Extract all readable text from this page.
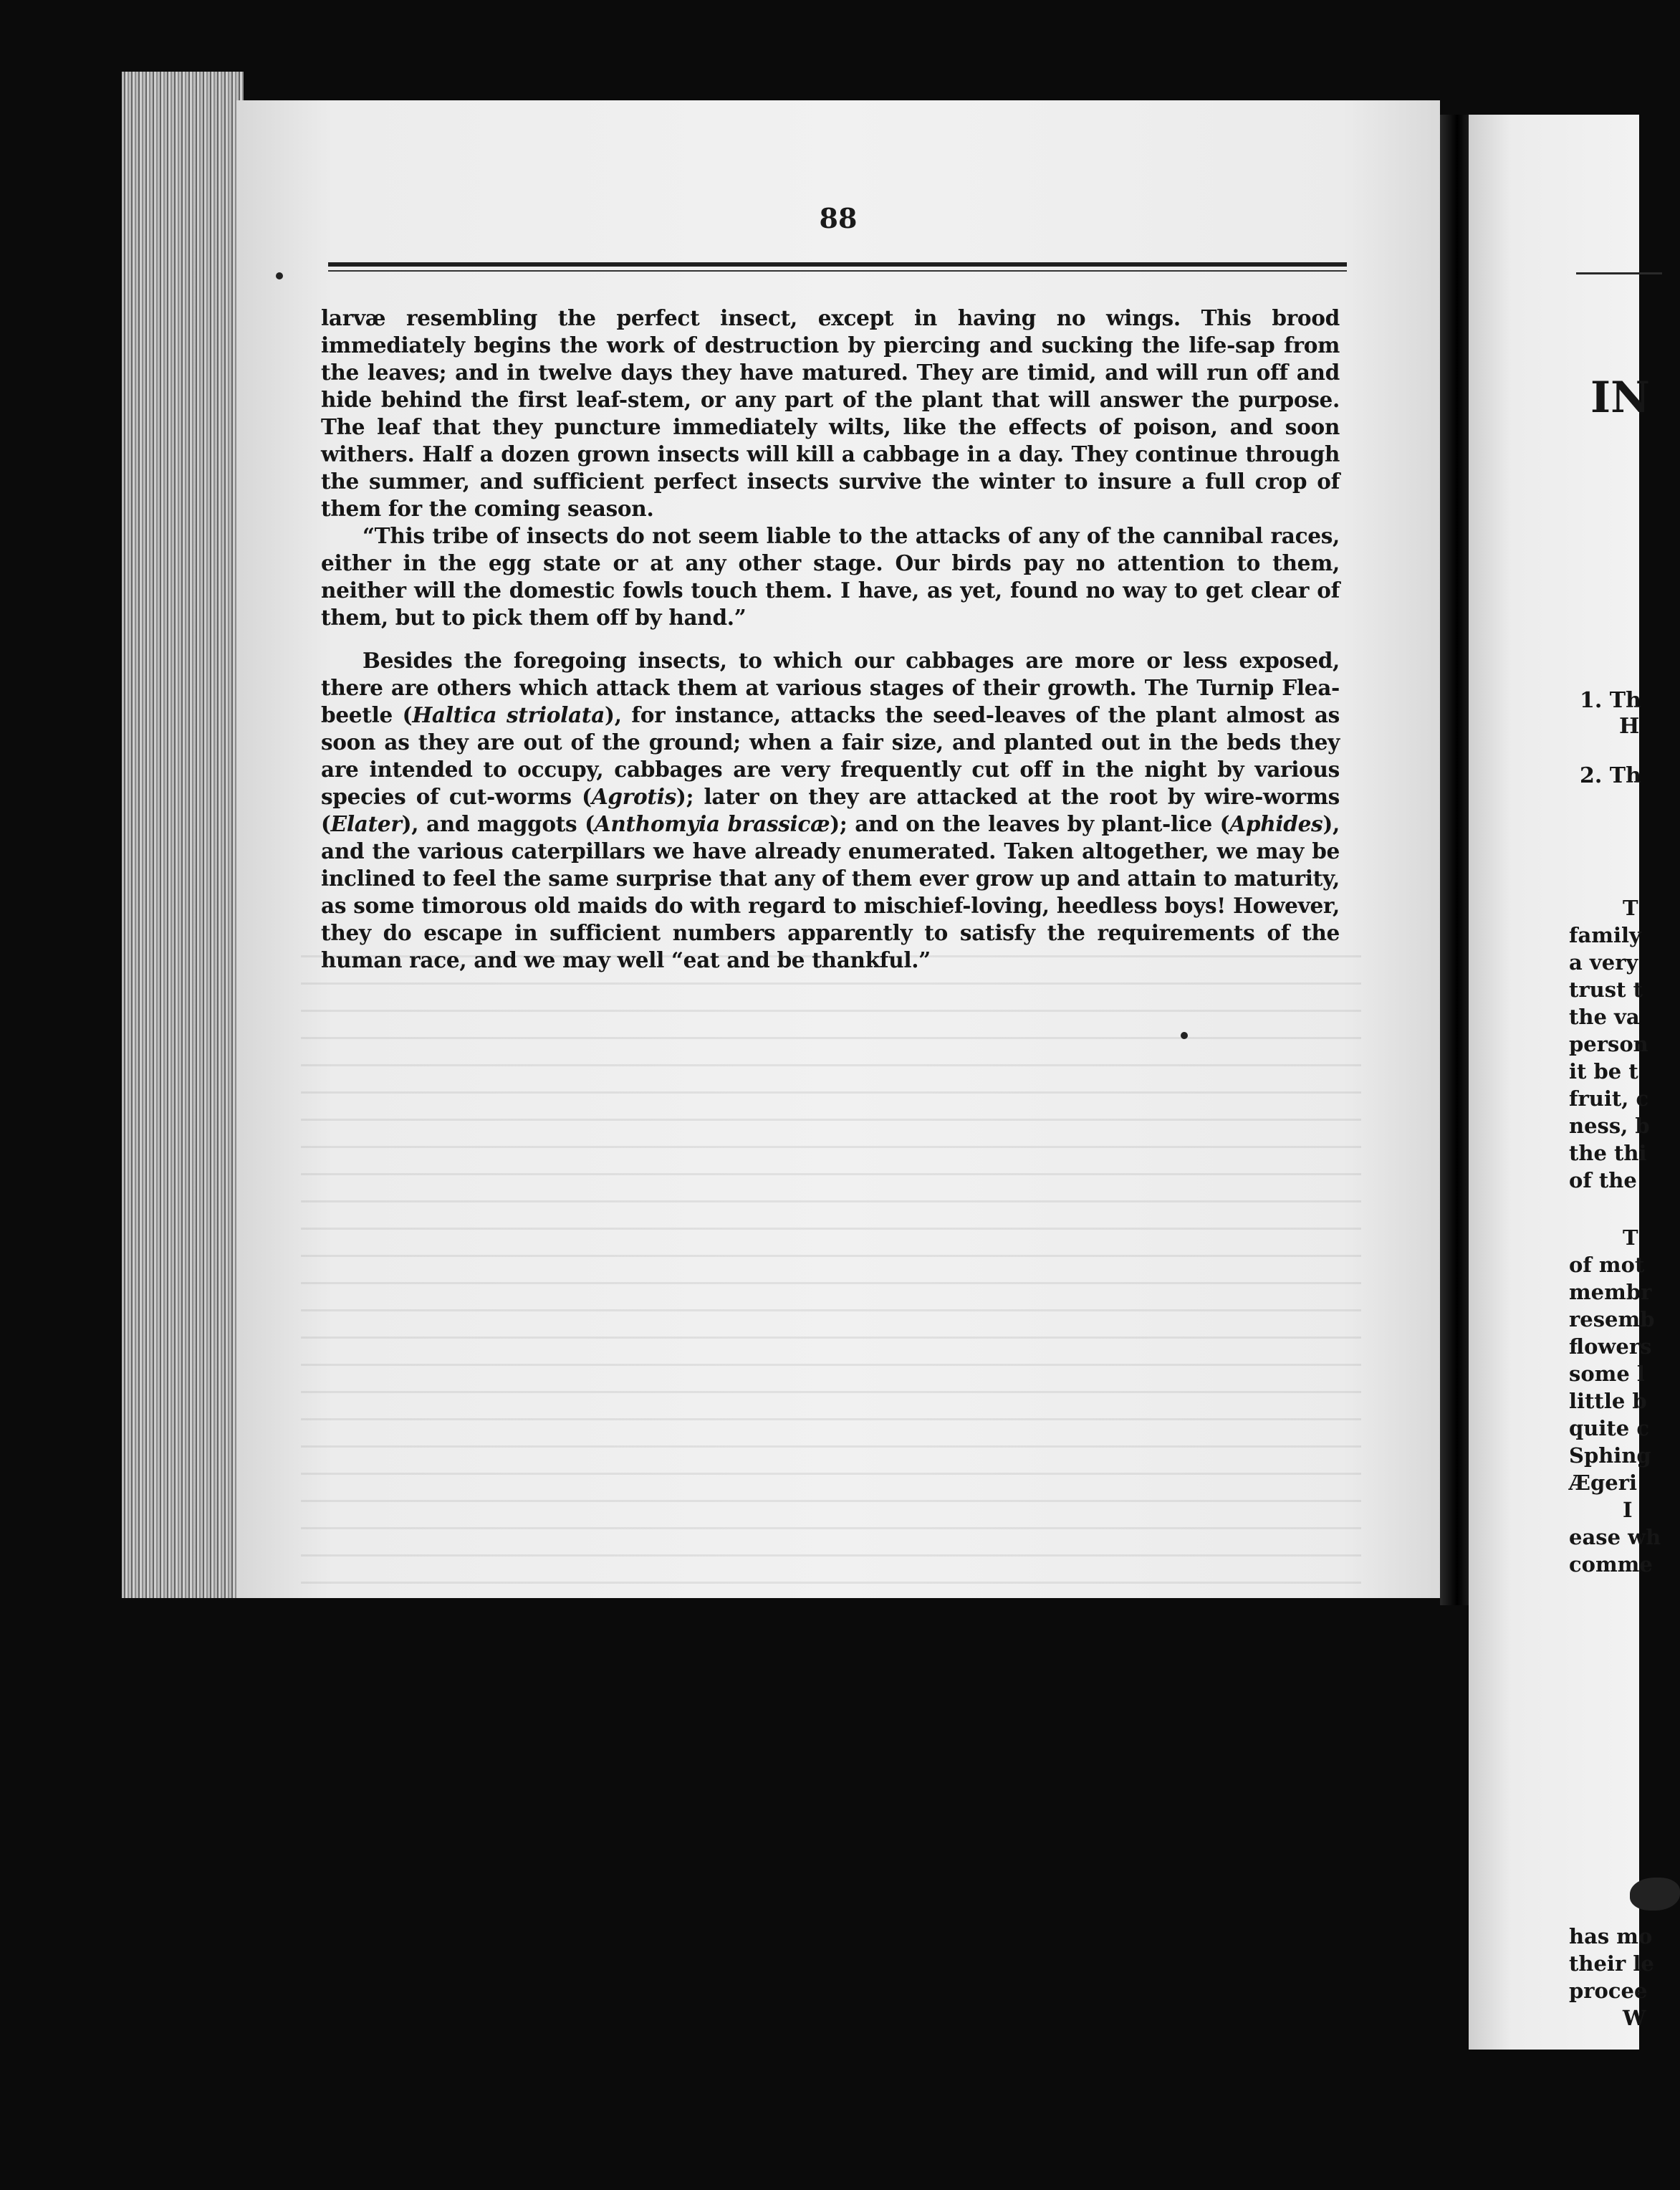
IN
1. Th
H
2. Th
T
family
a very
trust t
the va
person
it be t
fruit, c
ness, b
the thi
of the
T
of mot
membr
resemb
flowers
some l
little b
quite c
Sphing
Ægeri
I
ease wh
comme
has mo
their le
procee
W
88

larvæ resembling the perfect insect, except in having no wings. This brood immediately begins the work of destruction by piercing and sucking the life-sap from the leaves; and in twelve days they have matured. They are timid, and will run off and hide behind the first leaf-stem, or any part of the plant that will answer the purpose. The leaf that they puncture immediately wilts, like the effects of poison, and soon withers. Half a dozen grown insects will kill a cabbage in a day. They continue through the summer, and sufficient perfect insects survive the winter to insure a full crop of them for the coming season.

“This tribe of insects do not seem liable to the attacks of any of the cannibal races, either in the egg state or at any other stage. Our birds pay no attention to them, neither will the domestic fowls touch them. I have, as yet, found no way to get clear of them, but to pick them off by hand.”

Besides the foregoing insects, to which our cabbages are more or less exposed, there are others which attack them at various stages of their growth. The Turnip Flea-beetle (Haltica striolata), for instance, attacks the seed-leaves of the plant almost as soon as they are out of the ground; when a fair size, and planted out in the beds they are intended to occupy, cabbages are very frequently cut off in the night by various species of cut-worms (Agrotis); later on they are attacked at the root by wire-worms (Elater), and maggots (Anthomyia brassicæ); and on the leaves by plant-lice (Aphides), and the various caterpillars we have already enumerated. Taken altogether, we may be inclined to feel the same surprise that any of them ever grow up and attain to maturity, as some timorous old maids do with regard to mischief-loving, heedless boys! However, they do escape in sufficient numbers apparently to satisfy the requirements of the human race, and we may well “eat and be thankful.”
